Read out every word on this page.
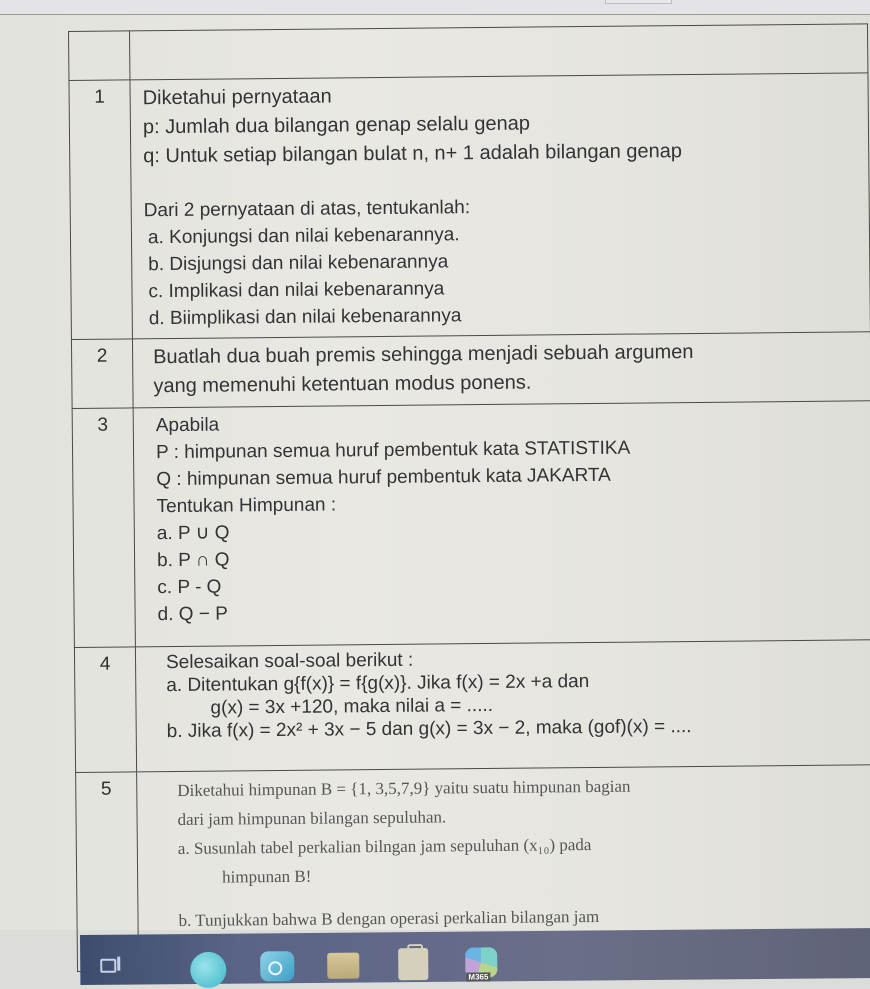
1	Diketahui pernyataan
p: Jumlah dua bilangan genap selalu genap
q: Untuk setiap bilangan bulat n, n+ 1 adalah bilangan genap
Dari 2 pernyataan di atas, tentukanlah:
a. Konjungsi dan nilai kebenarannya.
b. Disjungsi dan nilai kebenarannya
c. Implikasi dan nilai kebenarannya
d. Biimplikasi dan nilai kebenarannya

2	Buatlah dua buah premis sehingga menjadi sebuah argumen
yang memenuhi ketentuan modus ponens.

3	Apabila
P : himpunan semua huruf pembentuk kata STATISTIKA
Q : himpunan semua huruf pembentuk kata JAKARTA
Tentukan Himpunan :
a. P ∪ Q
b. P ∩ Q
c. P - Q
d. Q − P

4	Selesaikan soal-soal berikut :
a. Ditentukan g{f(x)} = f{g(x)}. Jika f(x) = 2x +a dan
g(x) = 3x +120, maka nilai a = .....
b. Jika f(x) = 2x² + 3x − 5 dan g(x) = 3x − 2, maka (gof)(x) = ....

5	Diketahui himpunan B = {1, 3,5,7,9} yaitu suatu himpunan bagian
dari jam himpunan bilangan sepuluhan.
a. Susunlah tabel perkalian bilngan jam sepuluhan (x₁₀) pada
himpunan B!
b. Tunjukkan bahwa B dengan operasi perkalian bilangan jam
M365
